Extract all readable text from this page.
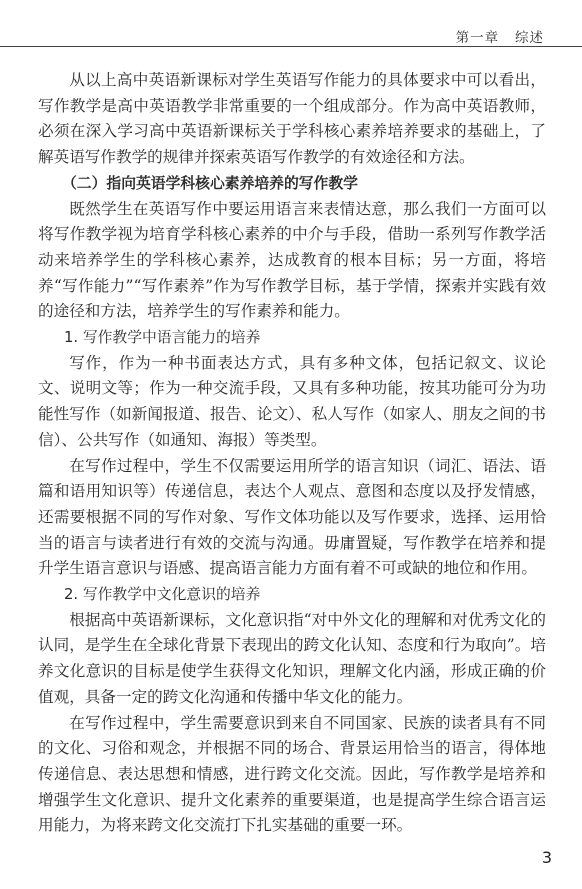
第一章   综述

从以上高中英语新课标对学生英语写作能力的具体要求中可以看出，写作教学是高中英语教学非常重要的一个组成部分。作为高中英语教师，必须在深入学习高中英语新课标关于学科核心素养培养要求的基础上，了解英语写作教学的规律并探索英语写作教学的有效途径和方法。

（二）指向英语学科核心素养培养的写作教学

既然学生在英语写作中要运用语言来表情达意，那么我们一方面可以将写作教学视为培育学科核心素养的中介与手段，借助一系列写作教学活动来培养学生的学科核心素养，达成教育的根本目标；另一方面，将培养“写作能力”“写作素养”作为写作教学目标，基于学情，探索并实践有效的途径和方法，培养学生的写作素养和能力。

1. 写作教学中语言能力的培养

写作，作为一种书面表达方式，具有多种文体，包括记叙文、议论文、说明文等；作为一种交流手段，又具有多种功能，按其功能可分为功能性写作（如新闻报道、报告、论文）、私人写作（如家人、朋友之间的书信）、公共写作（如通知、海报）等类型。

在写作过程中，学生不仅需要运用所学的语言知识（词汇、语法、语篇和语用知识等）传递信息，表达个人观点、意图和态度以及抒发情感，还需要根据不同的写作对象、写作文体功能以及写作要求，选择、运用恰当的语言与读者进行有效的交流与沟通。毋庸置疑，写作教学在培养和提升学生语言意识与语感、提高语言能力方面有着不可或缺的地位和作用。

2. 写作教学中文化意识的培养

根据高中英语新课标，文化意识指“对中外文化的理解和对优秀文化的认同，是学生在全球化背景下表现出的跨文化认知、态度和行为取向”。培养文化意识的目标是使学生获得文化知识，理解文化内涵，形成正确的价值观，具备一定的跨文化沟通和传播中华文化的能力。

在写作过程中，学生需要意识到来自不同国家、民族的读者具有不同的文化、习俗和观念，并根据不同的场合、背景运用恰当的语言，得体地传递信息、表达思想和情感，进行跨文化交流。因此，写作教学是培养和增强学生文化意识、提升文化素养的重要渠道，也是提高学生综合语言运用能力，为将来跨文化交流打下扎实基础的重要一环。

3
